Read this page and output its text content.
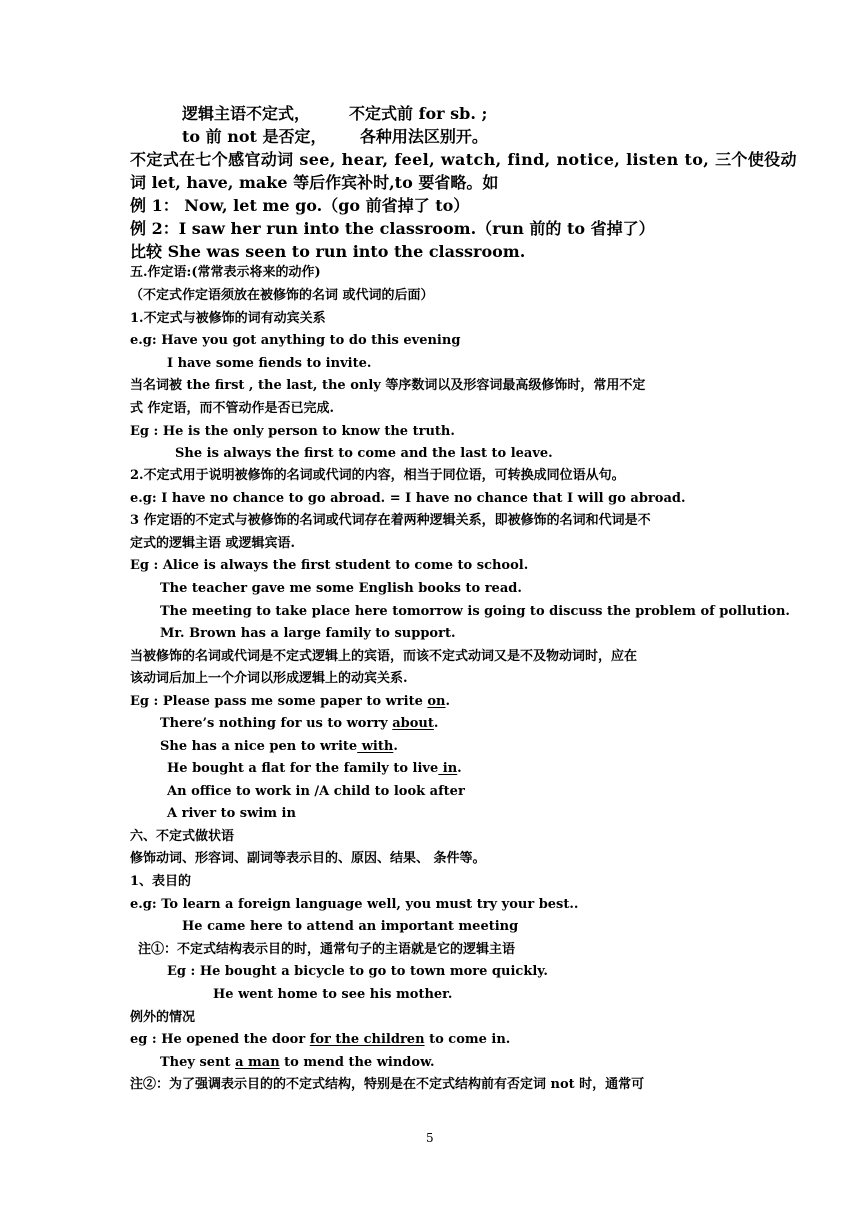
逻辑主语不定式， 不定式前 for sb. ;
to 前 not 是否定， 各种用法区别开。
不定式在七个感官动词 see, hear, feel, watch, find, notice, listen to, 三个使役动
词 let, have, make 等后作宾补时,to 要省略。如
例 1： Now, let me go.（go 前省掉了 to）
例 2：I saw her run into the classroom.（run 前的 to 省掉了）
比较 She was seen to run into the classroom.
五.作定语:(常常表示将来的动作)
（不定式作定语须放在被修饰的名词 或代词的后面）
1.不定式与被修饰的词有动宾关系
e.g: Have you got anything to do this evening
I have some fiends to invite.
当名词被 the first , the last, the only 等序数词以及形容词最高级修饰时，常用不定
式 作定语，而不管动作是否已完成.
Eg : He is the only person to know the truth.
She is always the first to come and the last to leave.
2.不定式用于说明被修饰的名词或代词的内容，相当于同位语，可转换成同位语从句。
e.g: I have no chance to go abroad. = I have no chance that I will go abroad.
3 作定语的不定式与被修饰的名词或代词存在着两种逻辑关系，即被修饰的名词和代词是不
定式的逻辑主语 或逻辑宾语.
Eg : Alice is always the first student to come to school.
The teacher gave me some English books to read.
The meeting to take place here tomorrow is going to discuss the problem of pollution.
Mr. Brown has a large family to support.
当被修饰的名词或代词是不定式逻辑上的宾语，而该不定式动词又是不及物动词时，应在
该动词后加上一个介词以形成逻辑上的动宾关系.
Eg : Please pass me some paper to write on.
There’s nothing for us to worry about.
She has a nice pen to write with.
He bought a flat for the family to live in.
An office to work in /A child to look after
A river to swim in
六、不定式做状语
修饰动词、形容词、副词等表示目的、原因、结果、 条件等。
1、表目的
e.g: To learn a foreign language well, you must try your best..
He came here to attend an important meeting
注①：不定式结构表示目的时，通常句子的主语就是它的逻辑主语
Eg : He bought a bicycle to go to town more quickly.
He went home to see his mother.
例外的情况
eg : He opened the door for the children to come in.
They sent a man to mend the window.
注②：为了强调表示目的的不定式结构，特别是在不定式结构前有否定词 not 时，通常可
5
